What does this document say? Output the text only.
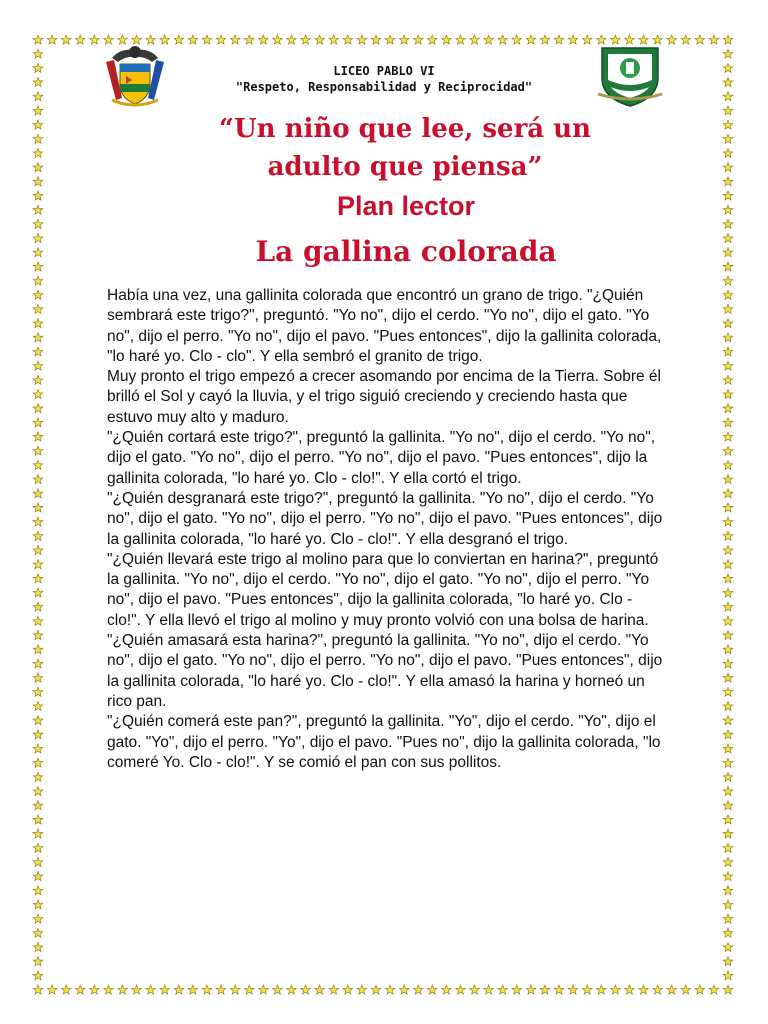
LICEO PABLO VI
"Respeto, Responsabilidad y Reciprocidad"
“Un niño que lee, será un adulto que piensa”
Plan lector
La gallina colorada

Había una vez, una gallinita colorada que encontró un grano de trigo. "¿Quién sembrará este trigo?", preguntó. "Yo no", dijo el cerdo. "Yo no", dijo el gato. "Yo no", dijo el perro. "Yo no", dijo el pavo. "Pues entonces", dijo la gallinita colorada, "lo haré yo. Clo - clo". Y ella sembró el granito de trigo.

Muy pronto el trigo empezó a crecer asomando por encima de la Tierra. Sobre él brilló el Sol y cayó la lluvia, y el trigo siguió creciendo y creciendo hasta que estuvo muy alto y maduro.

"¿Quién cortará este trigo?", preguntó la gallinita. "Yo no", dijo el cerdo. "Yo no", dijo el gato. "Yo no", dijo el perro. "Yo no", dijo el pavo. "Pues entonces", dijo la gallinita colorada, "lo haré yo. Clo - clo!". Y ella cortó el trigo.

"¿Quién desgranará este trigo?", preguntó la gallinita. "Yo no", dijo el cerdo. "Yo no", dijo el gato. "Yo no", dijo el perro. "Yo no", dijo el pavo. "Pues entonces", dijo la gallinita colorada, "lo haré yo. Clo - clo!". Y ella desgranó el trigo.

"¿Quién llevará este trigo al molino para que lo conviertan en harina?", preguntó la gallinita. "Yo no", dijo el cerdo. "Yo no", dijo el gato. "Yo no", dijo el perro. "Yo no", dijo el pavo. "Pues entonces", dijo la gallinita colorada, "lo haré yo. Clo - clo!". Y ella llevó el trigo al molino y muy pronto volvió con una bolsa de harina.

"¿Quién amasará esta harina?", preguntó la gallinita. "Yo no", dijo el cerdo. "Yo no", dijo el gato. "Yo no", dijo el perro. "Yo no", dijo el pavo. "Pues entonces", dijo la gallinita colorada, "lo haré yo. Clo - clo!". Y ella amasó la harina y horneó un rico pan.

"¿Quién comerá este pan?", preguntó la gallinita. "Yo", dijo el cerdo. "Yo", dijo el gato. "Yo", dijo el perro. "Yo", dijo el pavo. "Pues no", dijo la gallinita colorada, "lo comeré Yo. Clo - clo!". Y se comió el pan con sus pollitos.
